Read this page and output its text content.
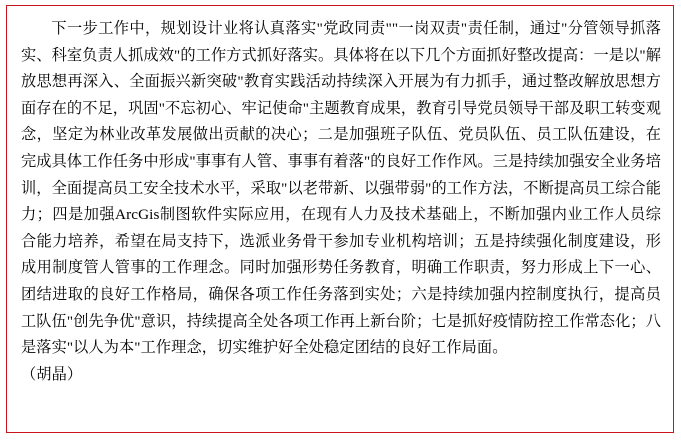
下一步工作中，规划设计业将认真落实"党政同责""一岗双责"责任制，通过"分管领导抓落实、科室负责人抓成效"的工作方式抓好落实。具体将在以下几个方面抓好整改提高：一是以"解放思想再深入、全面振兴新突破"教育实践活动持续深入开展为有力抓手，通过整改解放思想方面存在的不足，巩固"不忘初心、牢记使命"主题教育成果，教育引导党员领导干部及职工转变观念，坚定为林业改革发展做出贡献的决心；二是加强班子队伍、党员队伍、员工队伍建设，在完成具体工作任务中形成"事事有人管、事事有着落"的良好工作作风。三是持续加强安全业务培训，全面提高员工安全技术水平，采取"以老带新、以强带弱"的工作方法，不断提高员工综合能力；四是加强ArcGis制图软件实际应用，在现有人力及技术基础上，不断加强内业工作人员综合能力培养，希望在局支持下，选派业务骨干参加专业机构培训；五是持续强化制度建设，形成用制度管人管事的工作理念。同时加强形势任务教育，明确工作职责，努力形成上下一心、团结进取的良好工作格局，确保各项工作任务落到实处；六是持续加强内控制度执行，提高员工队伍"创先争优"意识，持续提高全处各项工作再上新台阶；七是抓好疫情防控工作常态化；八是落实"以人为本"工作理念，切实维护好全处稳定团结的良好工作局面。

（胡晶）
